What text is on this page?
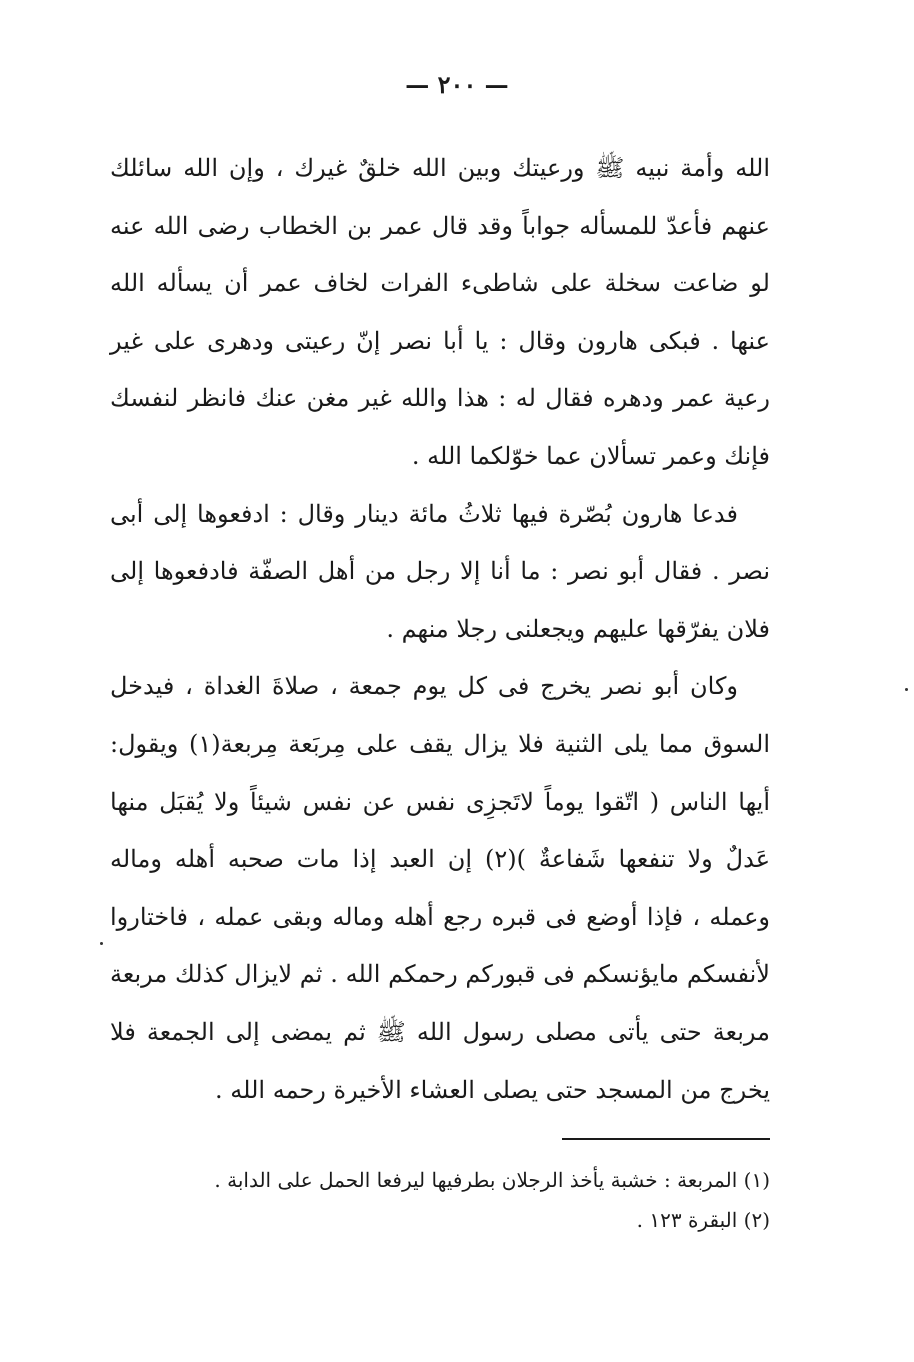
— ٢٠٠ —

الله وأمة نبيه ﷺ ورعيتك وبين الله خلقٌ غيرك ، وإن الله سائلك عنهم فأعدّ للمسأله جواباً وقد قال عمر بن الخطاب رضى الله عنه لو ضاعت سخلة على شاطىء الفرات لخاف عمر أن يسأله الله عنها . فبكى هارون وقال : يا أبا نصر إنّ رعيتى ودهرى على غير رعية عمر ودهره فقال له : هذا والله غير مغن عنك فانظر لنفسك فإنك وعمر تسألان عما خوّلكما الله .

فدعا هارون بُصّرة فيها ثلاثُ مائة دينار وقال : ادفعوها إلى أبى نصر . فقال أبو نصر : ما أنا إلا رجل من أهل الصفّة فادفعوها إلى فلان يفرّقها عليهم ويجعلنى رجلا منهم .

وكان أبو نصر يخرج فى كل يوم جمعة ، صلاةَ الغداة ، فيدخل السوق مما يلى الثنية فلا يزال يقف على مِربَعة مِربعة(١) ويقول: أيها الناس ( اتّقوا يوماً لاتَجزِى نفس عن نفس شيئاً ولا يُقبَل منها عَدلٌ ولا تنفعها شَفاعةٌ )(٢) إن العبد إذا مات صحبه أهله وماله وعمله ، فإذا أوضع فى قبره رجع أهله وماله وبقى عمله ، فاختاروا لأنفسكم مايؤنسكم فى قبوركم رحمكم الله . ثم لايزال كذلك مربعة مربعة حتى يأتى مصلى رسول الله ﷺ ثم يمضى إلى الجمعة فلا يخرج من المسجد حتى يصلى العشاء الأخيرة رحمه الله .

(١) المربعة : خشبة يأخذ الرجلان بطرفيها ليرفعا الحمل على الدابة .

(٢) البقرة ١٢٣ .
